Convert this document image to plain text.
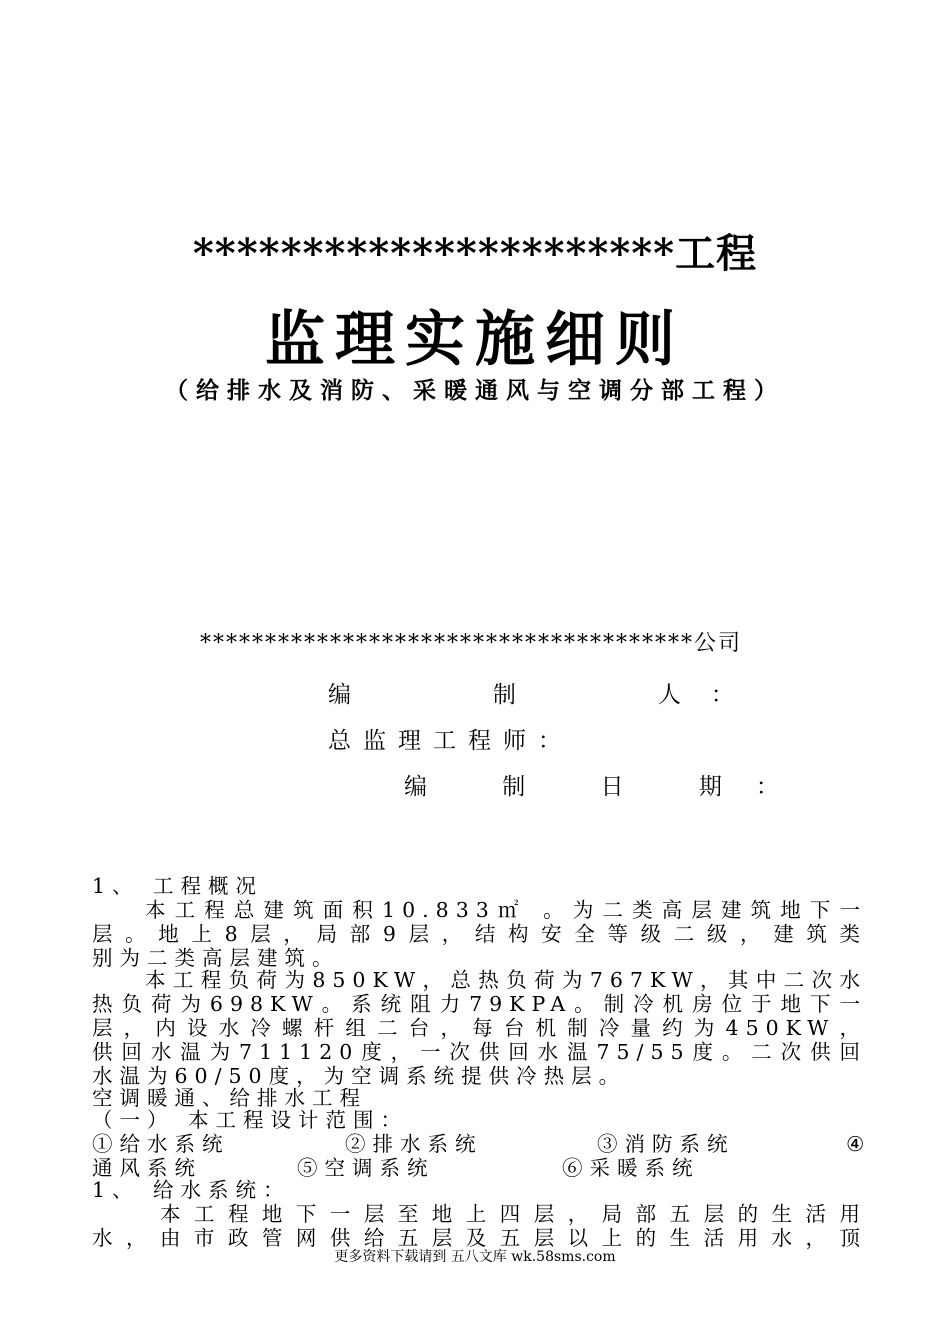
**********************工程
监理实施细则
（给排水及消防、采暖通风与空调分部工程）
**************************************公司
编   制   人：
总监理工程师：
编 制 日 期：
1、 工程概况
本工程总建筑面积10.833㎡ 。为二类高层建筑地下一
层。地上8层，局部9层，结构安全等级二级，建筑类
别为二类高层建筑。
本工程负荷为850KW，总热负荷为767KW，其中二次水
热负荷为698KW。系统阻力79KPA。制冷机房位于地下一
层，内设水冷螺杆组二台，每台机制冷量约为450KW，
供回水温为711120度，一次供回水温75/55度。二次供回
水温为60/50度，为空调系统提供冷热层。
空调暖通、给排水工程
（一） 本工程设计范围：
①给水系统	②排水系统	③消防系统	④
通风系统	⑤空调系统	⑥采暖系统
1、 给水系统：
本工程地下一层至地上四层，局部五层的生活用
水，由市政管网供给五层及五层以上的生活用水，顶
更多资料下载请到 五八文库 wk.58sms.com
